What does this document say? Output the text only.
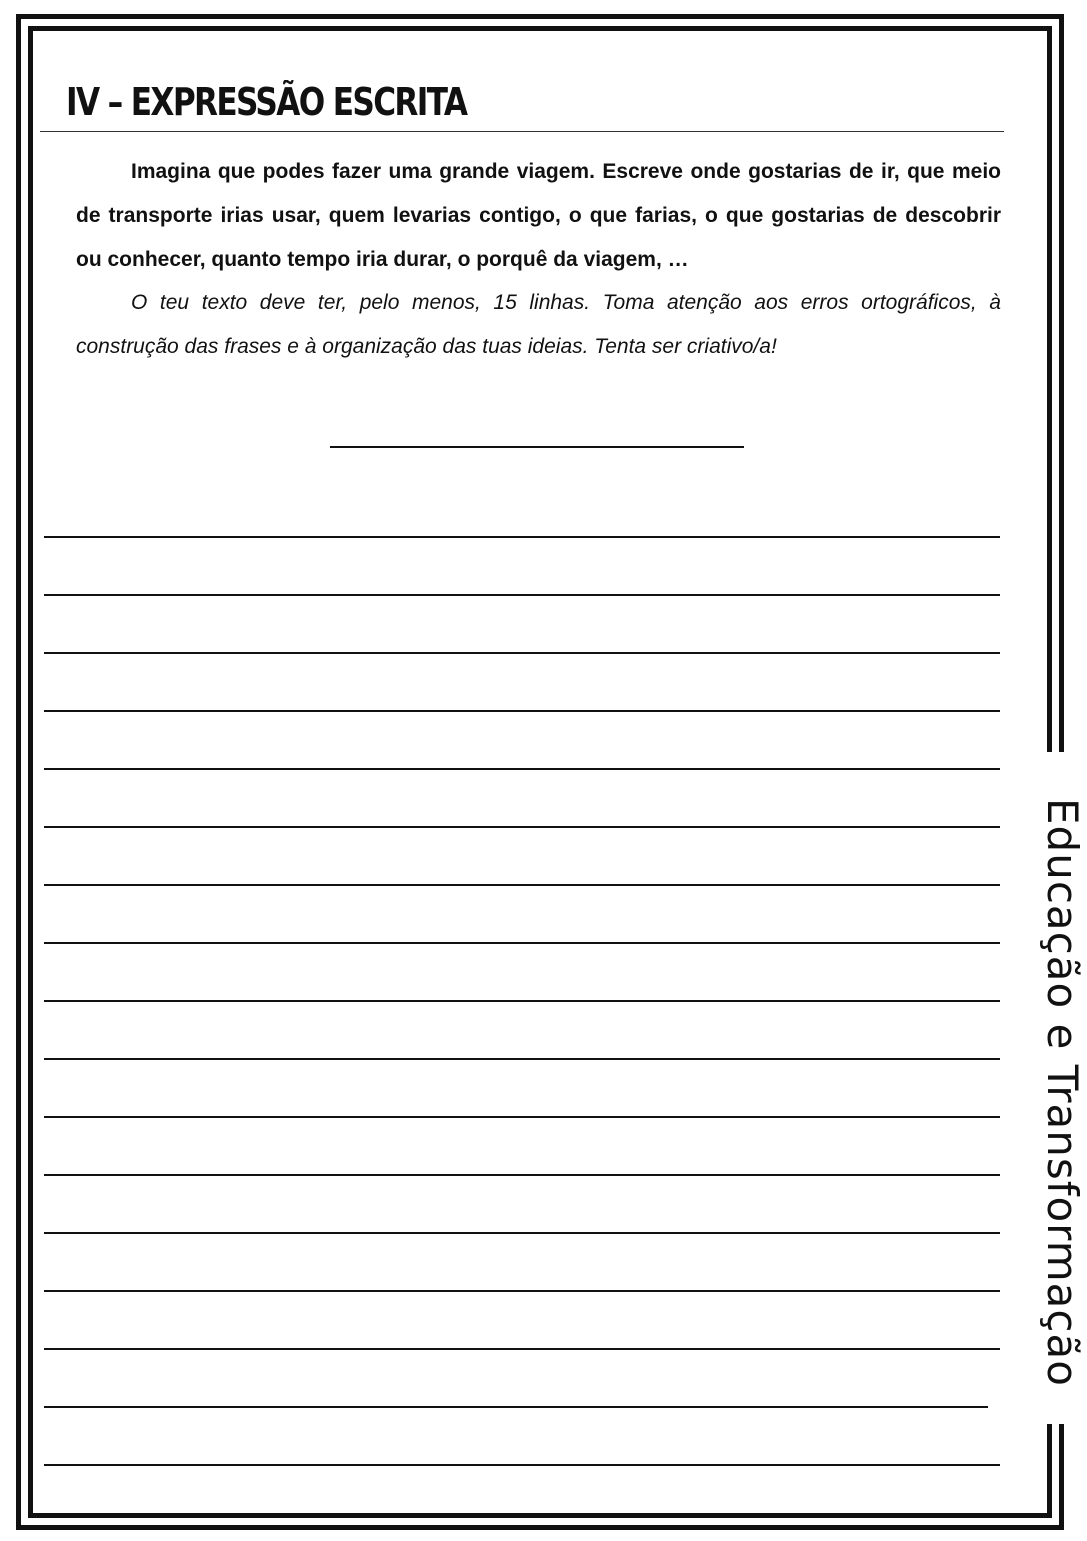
IV – EXPRESSÃO ESCRITA

Imagina que podes fazer uma grande viagem. Escreve onde gostarias de ir, que meio de transporte irias usar, quem levarias contigo, o que farias, o que gostarias de descobrir ou conhecer, quanto tempo iria durar, o porquê da viagem, …

O teu texto deve ter, pelo menos, 15 linhas. Toma atenção aos erros ortográficos, à construção das frases e à organização das tuas ideias. Tenta ser criativo/a!

Educação e Transformação
